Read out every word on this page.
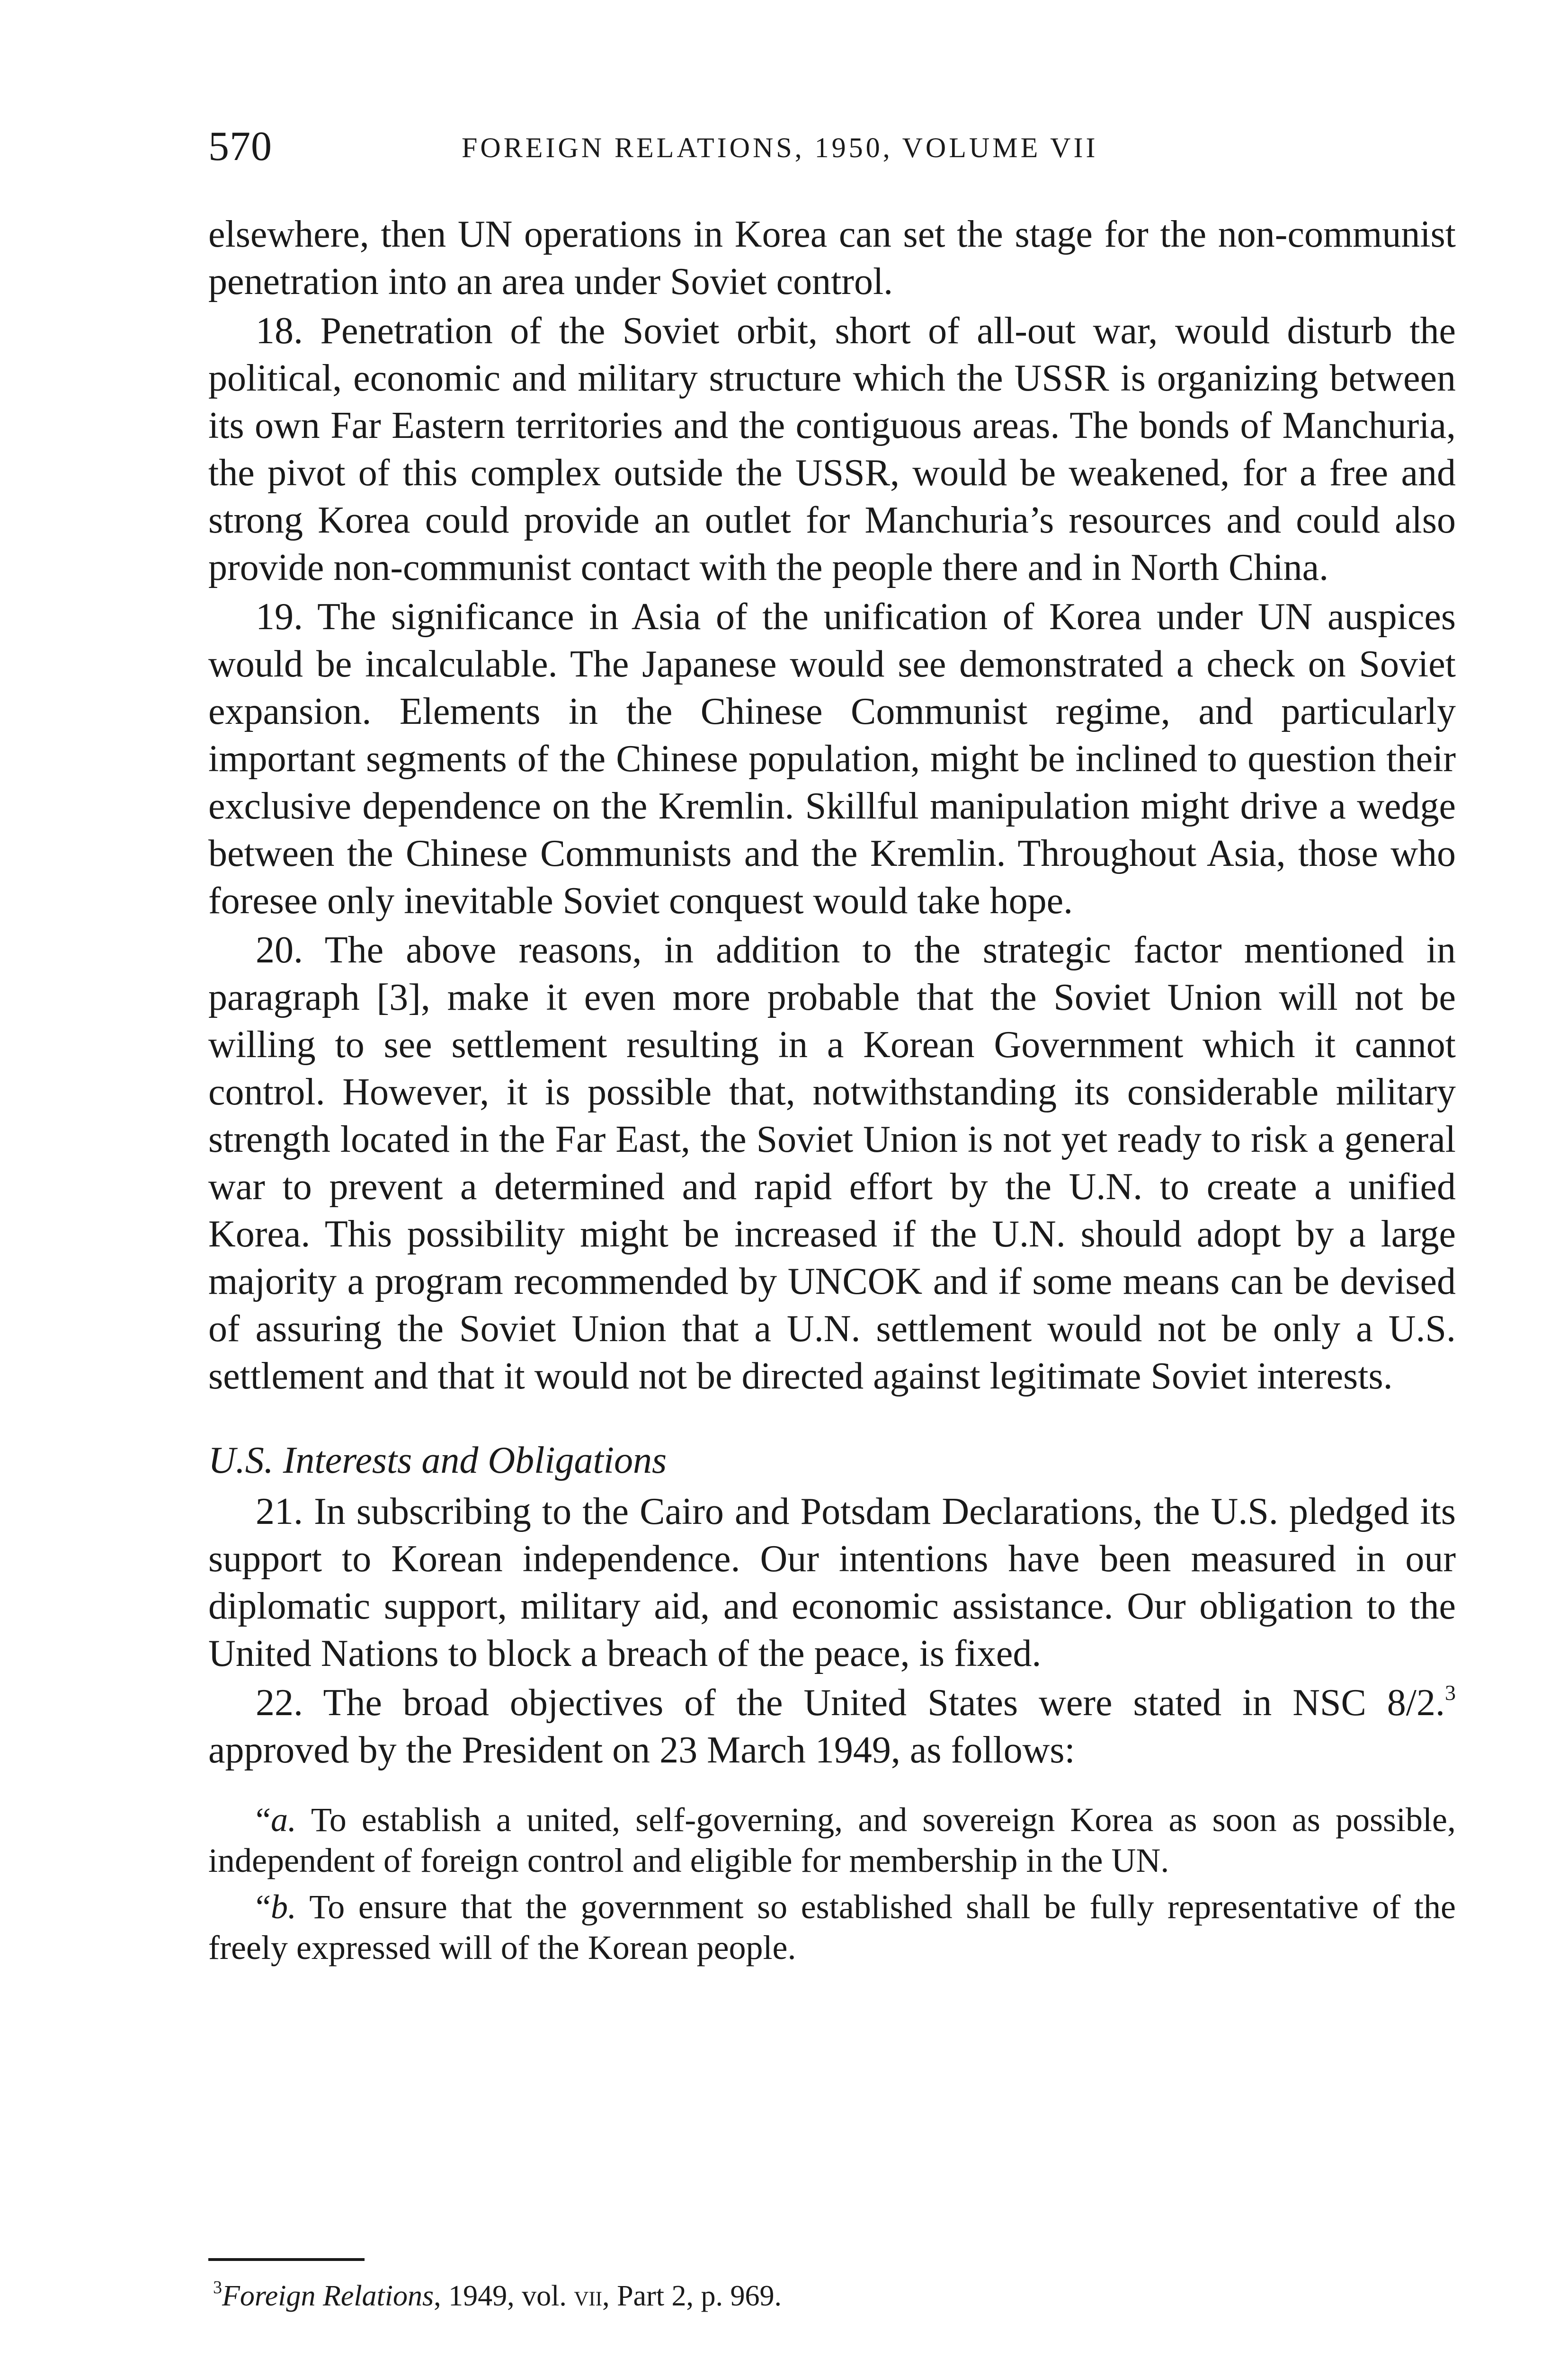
570	FOREIGN RELATIONS, 1950, VOLUME VII

elsewhere, then UN operations in Korea can set the stage for the non-communist penetration into an area under Soviet control.

18. Penetration of the Soviet orbit, short of all-out war, would disturb the political, economic and military structure which the USSR is organizing between its own Far Eastern territories and the contiguous areas. The bonds of Manchuria, the pivot of this complex outside the USSR, would be weakened, for a free and strong Korea could provide an outlet for Manchuria’s resources and could also provide non-communist contact with the people there and in North China.

19. The significance in Asia of the unification of Korea under UN auspices would be incalculable. The Japanese would see demonstrated a check on Soviet expansion. Elements in the Chinese Communist regime, and particularly important segments of the Chinese population, might be inclined to question their exclusive dependence on the Kremlin. Skillful manipulation might drive a wedge between the Chinese Communists and the Kremlin. Throughout Asia, those who foresee only inevitable Soviet conquest would take hope.

20. The above reasons, in addition to the strategic factor mentioned in paragraph [3], make it even more probable that the Soviet Union will not be willing to see settlement resulting in a Korean Government which it cannot control. However, it is possible that, notwithstanding its considerable military strength located in the Far East, the Soviet Union is not yet ready to risk a general war to prevent a determined and rapid effort by the U.N. to create a unified Korea. This possibility might be increased if the U.N. should adopt by a large majority a program recommended by UNCOK and if some means can be devised of assuring the Soviet Union that a U.N. settlement would not be only a U.S. settlement and that it would not be directed against legitimate Soviet interests.

U.S. Interests and Obligations

21. In subscribing to the Cairo and Potsdam Declarations, the U.S. pledged its support to Korean independence. Our intentions have been measured in our diplomatic support, military aid, and economic assistance. Our obligation to the United Nations to block a breach of the peace, is fixed.

22. The broad objectives of the United States were stated in NSC 8/2.$^3$ approved by the President on 23 March 1949, as follows:

“a. To establish a united, self-governing, and sovereign Korea as soon as possible, independent of foreign control and eligible for membership in the UN.

“b. To ensure that the government so established shall be fully representative of the freely expressed will of the Korean people.

$^3$Foreign Relations, 1949, vol. vii, Part 2, p. 969.
